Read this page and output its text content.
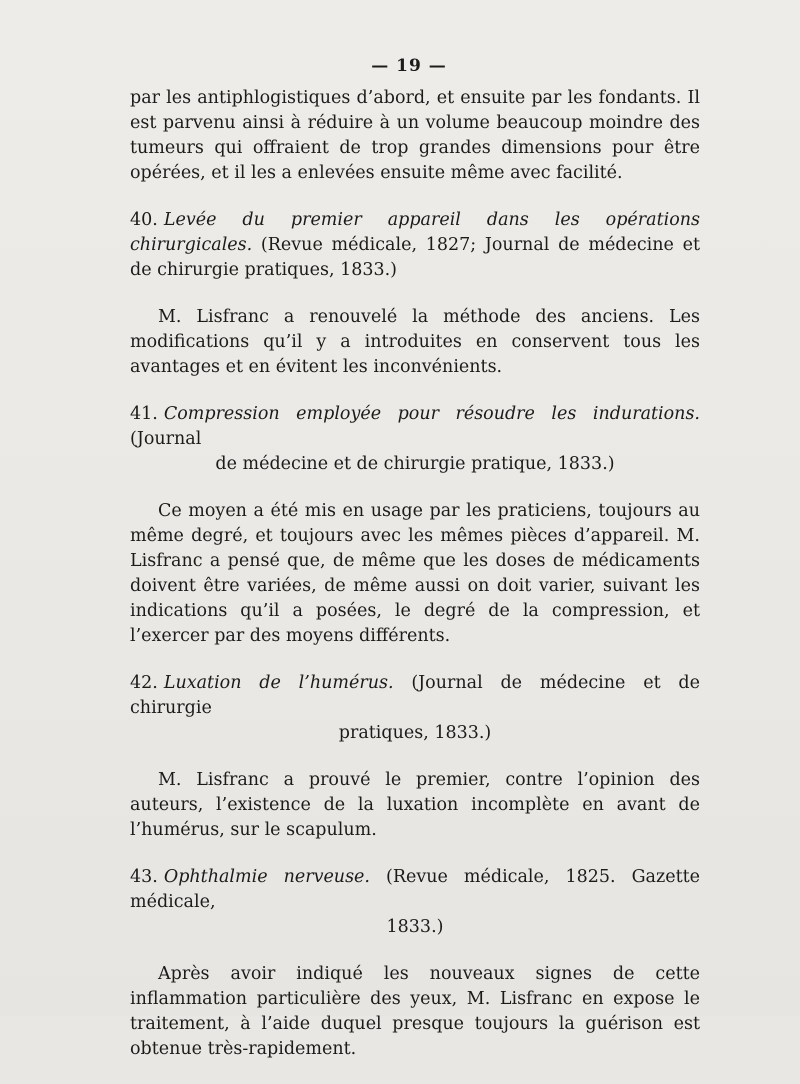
— 19 —

par les antiphlogistiques d’abord, et ensuite par les fondants. Il est parvenu ainsi à réduire à un volume beaucoup moindre des tumeurs qui offraient de trop grandes dimensions pour être opérées, et il les a enlevées ensuite même avec facilité.

40. Levée du premier appareil dans les opérations chirurgicales. (Revue médicale, 1827; Journal de médecine et de chirurgie pratiques, 1833.)

M. Lisfranc a renouvelé la méthode des anciens. Les modifications qu’il y a introduites en conservent tous les avantages et en évitent les inconvénients.

41. Compression employée pour résoudre les indurations. (Journal
de médecine et de chirurgie pratique, 1833.)

Ce moyen a été mis en usage par les praticiens, toujours au même degré, et toujours avec les mêmes pièces d’appareil. M. Lisfranc a pensé que, de même que les doses de médicaments doivent être variées, de même aussi on doit varier, suivant les indications qu’il a posées, le degré de la compression, et l’exercer par des moyens différents.

42. Luxation de l’humérus. (Journal de médecine et de chirurgie
pratiques, 1833.)

M. Lisfranc a prouvé le premier, contre l’opinion des auteurs, l’existence de la luxation incomplète en avant de l’humérus, sur le scapulum.

43. Ophthalmie nerveuse. (Revue médicale, 1825. Gazette médicale,
1833.)

Après avoir indiqué les nouveaux signes de cette inflammation particulière des yeux, M. Lisfranc en expose le traitement, à l’aide duquel presque toujours la guérison est obtenue très-rapidement.
